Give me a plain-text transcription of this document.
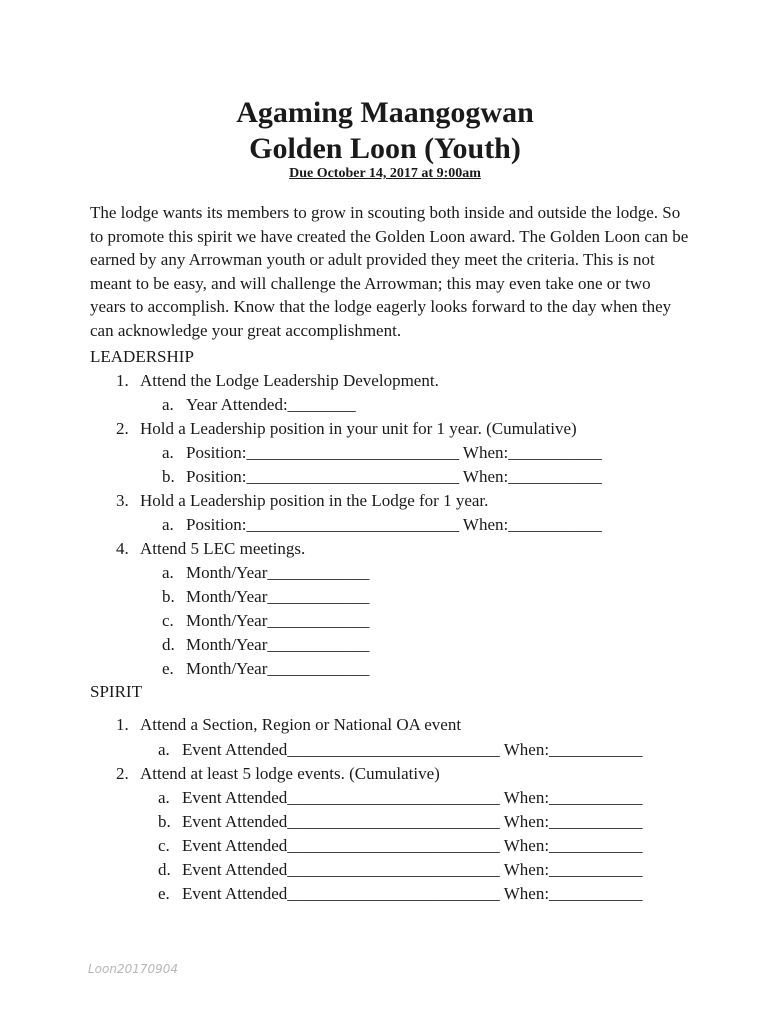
Agaming Maangogwan
Golden Loon (Youth)
Due October 14, 2017 at 9:00am

The lodge wants its members to grow in scouting both inside and outside the lodge. So to promote this spirit we have created the Golden Loon award. The Golden Loon can be earned by any Arrowman youth or adult provided they meet the criteria. This is not meant to be easy, and will challenge the Arrowman; this may even take one or two years to accomplish. Know that the lodge eagerly looks forward to the day when they can acknowledge your great accomplishment.

LEADERSHIP
1. Attend the Lodge Leadership Development.
a. Year Attended:________
2. Hold a Leadership position in your unit for 1 year. (Cumulative)
a. Position:_________________________ When:___________
b. Position:_________________________ When:___________
3. Hold a Leadership position in the Lodge for 1 year.
a. Position:_________________________ When:___________
4. Attend 5 LEC meetings.
a. Month/Year____________
b. Month/Year____________
c. Month/Year____________
d. Month/Year____________
e. Month/Year____________
SPIRIT
1. Attend a Section, Region or National OA event
a. Event Attended_________________________ When:___________
2. Attend at least 5 lodge events. (Cumulative)
a. Event Attended_________________________ When:___________
b. Event Attended_________________________ When:___________
c. Event Attended_________________________ When:___________
d. Event Attended_________________________ When:___________
e. Event Attended_________________________ When:___________
Loon20170904
